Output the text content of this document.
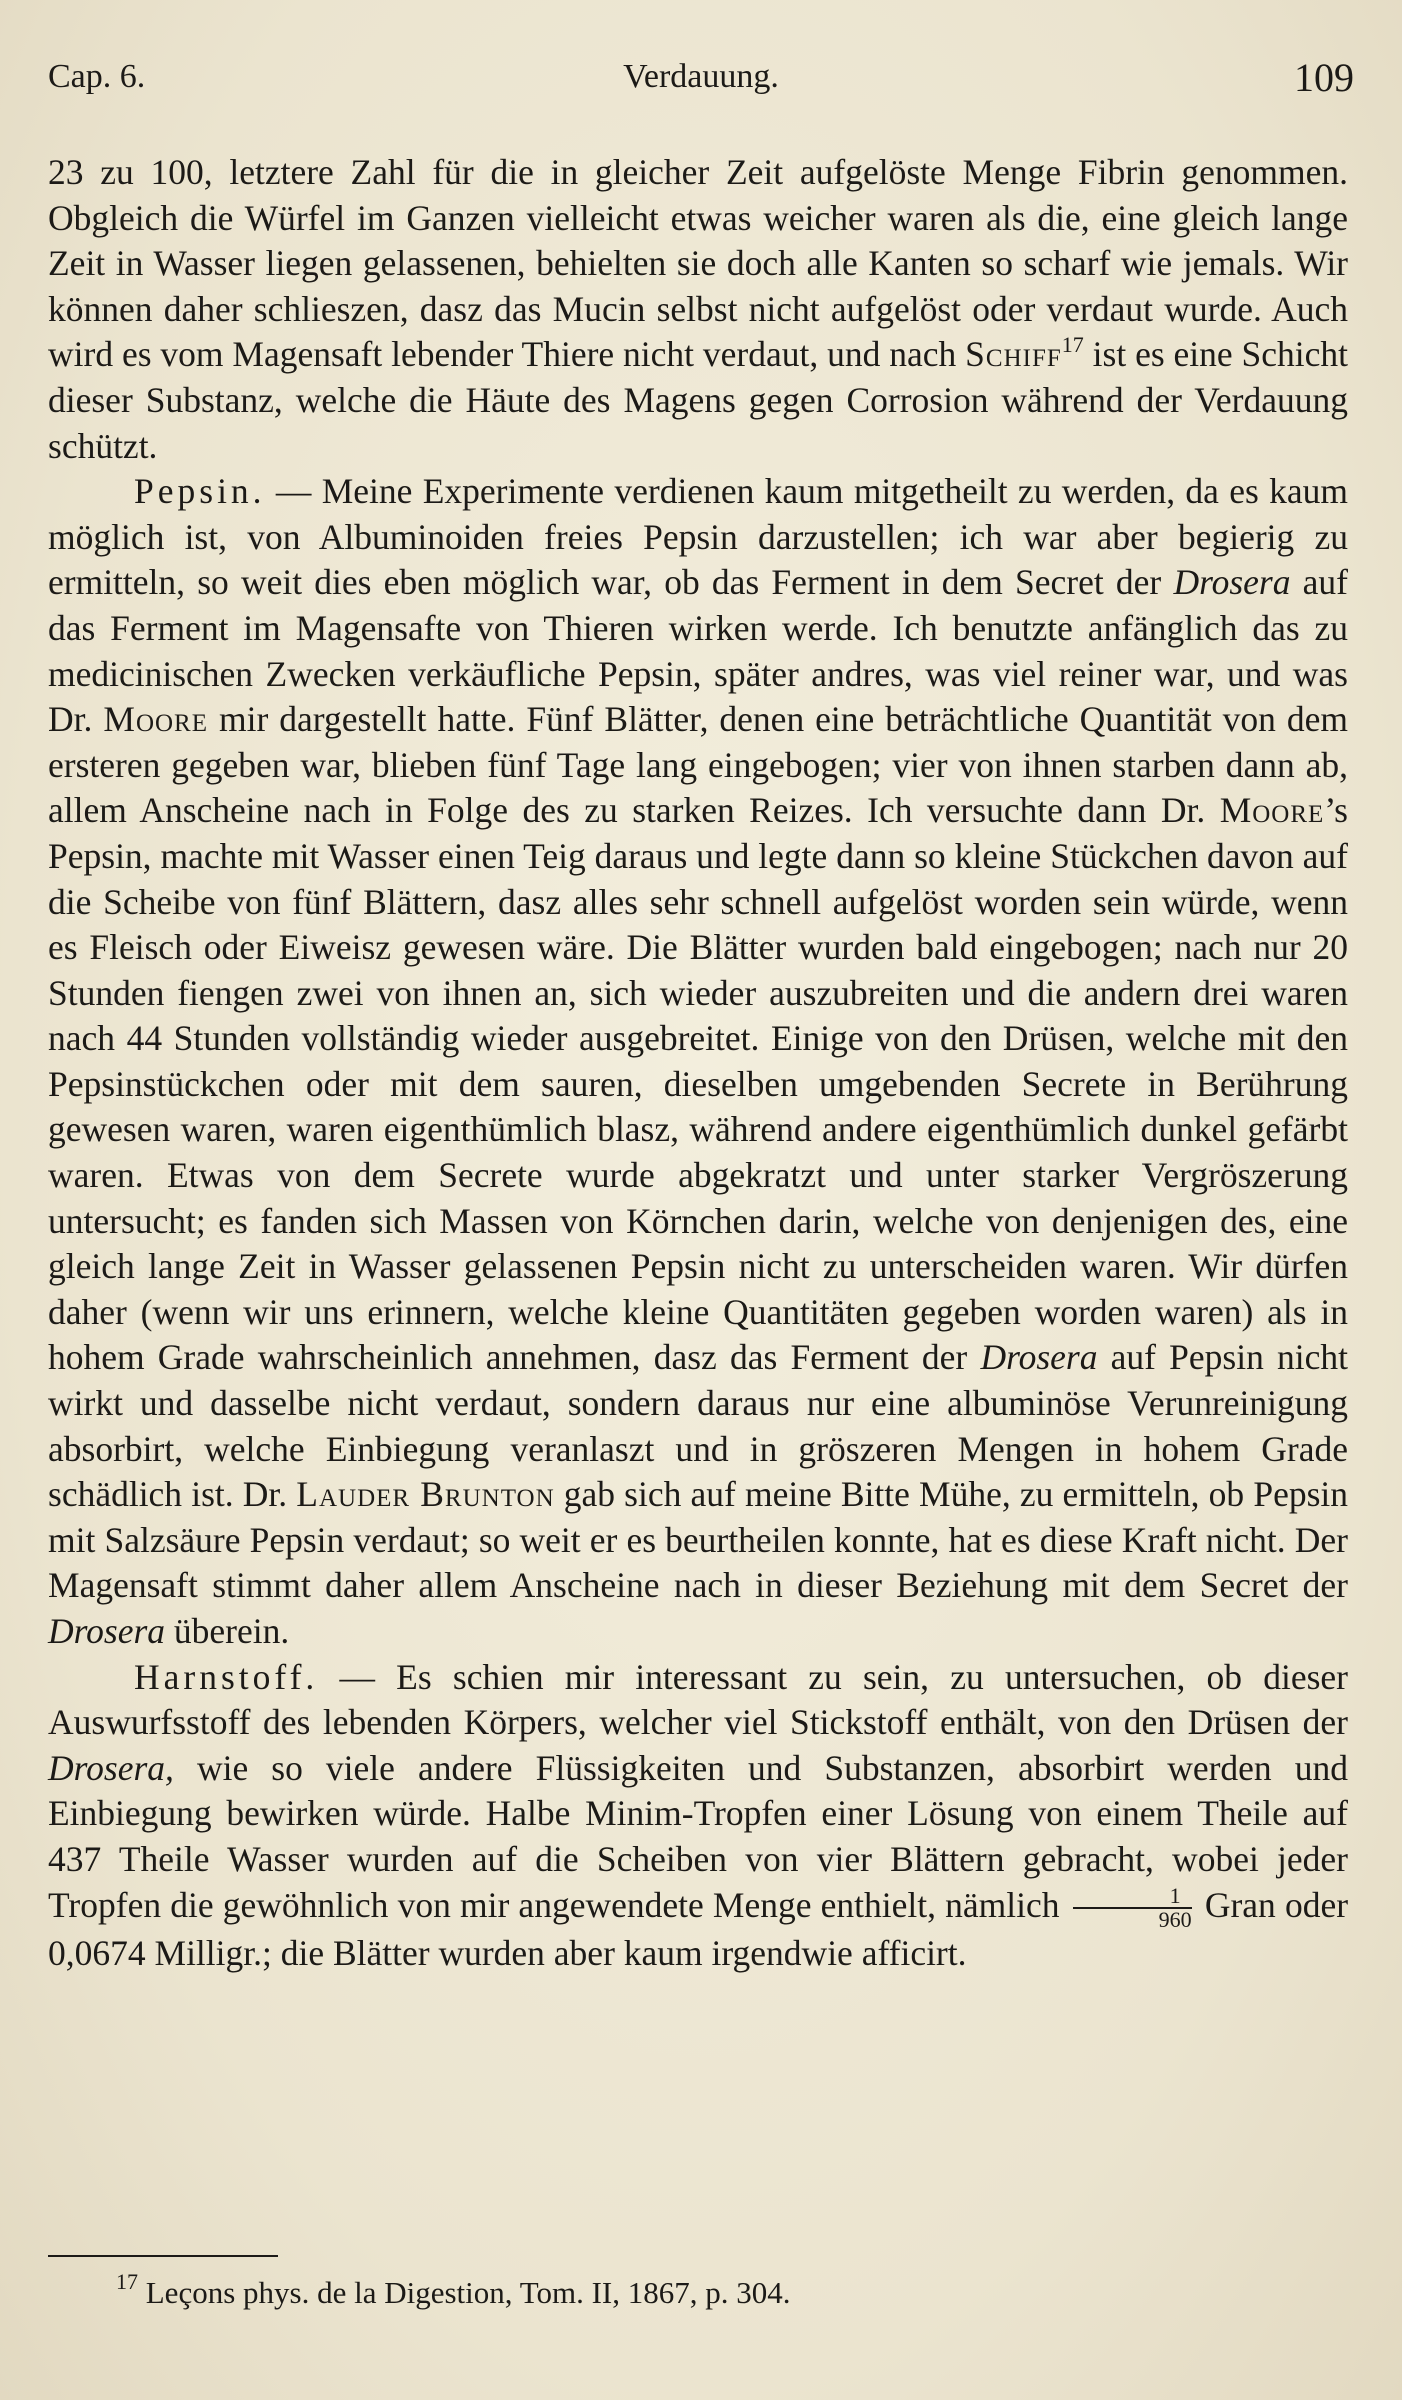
Cap. 6.	Verdauung.	109

23 zu 100, letztere Zahl für die in gleicher Zeit aufgelöste Menge Fibrin genommen. Obgleich die Würfel im Ganzen vielleicht etwas weicher waren als die, eine gleich lange Zeit in Wasser liegen gelassenen, behielten sie doch alle Kanten so scharf wie jemals. Wir können daher schlieszen, dasz das Mucin selbst nicht aufgelöst oder verdaut wurde. Auch wird es vom Magensaft lebender Thiere nicht verdaut, und nach Schiff$^{17}$ ist es eine Schicht dieser Substanz, welche die Häute des Magens gegen Corrosion während der Verdauung schützt.

Pepsin. — Meine Experimente verdienen kaum mitgetheilt zu werden, da es kaum möglich ist, von Albuminoiden freies Pepsin darzustellen; ich war aber begierig zu ermitteln, so weit dies eben möglich war, ob das Ferment in dem Secret der Drosera auf das Ferment im Magensafte von Thieren wirken werde. Ich benutzte anfänglich das zu medicinischen Zwecken verkäufliche Pepsin, später andres, was viel reiner war, und was Dr. Moore mir dargestellt hatte. Fünf Blätter, denen eine beträchtliche Quantität von dem ersteren gegeben war, blieben fünf Tage lang eingebogen; vier von ihnen starben dann ab, allem Anscheine nach in Folge des zu starken Reizes. Ich versuchte dann Dr. Moore’s Pepsin, machte mit Wasser einen Teig daraus und legte dann so kleine Stückchen davon auf die Scheibe von fünf Blättern, dasz alles sehr schnell aufgelöst worden sein würde, wenn es Fleisch oder Eiweisz gewesen wäre. Die Blätter wurden bald eingebogen; nach nur 20 Stunden fiengen zwei von ihnen an, sich wieder auszubreiten und die andern drei waren nach 44 Stunden vollständig wieder ausgebreitet. Einige von den Drüsen, welche mit den Pepsinstückchen oder mit dem sauren, dieselben umgebenden Secrete in Berührung gewesen waren, waren eigenthümlich blasz, während andere eigenthümlich dunkel gefärbt waren. Etwas von dem Secrete wurde abgekratzt und unter starker Vergröszerung untersucht; es fanden sich Massen von Körnchen darin, welche von denjenigen des, eine gleich lange Zeit in Wasser gelassenen Pepsin nicht zu unterscheiden waren. Wir dürfen daher (wenn wir uns erinnern, welche kleine Quantitäten gegeben worden waren) als in hohem Grade wahrscheinlich annehmen, dasz das Ferment der Drosera auf Pepsin nicht wirkt und dasselbe nicht verdaut, sondern daraus nur eine albuminöse Verunreinigung absorbirt, welche Einbiegung veranlaszt und in gröszeren Mengen in hohem Grade schädlich ist. Dr. Lauder Brunton gab sich auf meine Bitte Mühe, zu ermitteln, ob Pepsin mit Salzsäure Pepsin verdaut; so weit er es beurtheilen konnte, hat es diese Kraft nicht. Der Magensaft stimmt daher allem Anscheine nach in dieser Beziehung mit dem Secret der Drosera überein.

Harnstoff. — Es schien mir interessant zu sein, zu untersuchen, ob dieser Auswurfsstoff des lebenden Körpers, welcher viel Stickstoff enthält, von den Drüsen der Drosera, wie so viele andere Flüssigkeiten und Substanzen, absorbirt werden und Einbiegung bewirken würde. Halbe Minim-Tropfen einer Lösung von einem Theile auf 437 Theile Wasser wurden auf die Scheiben von vier Blättern gebracht, wobei jeder Tropfen die gewöhnlich von mir angewendete Menge enthielt, nämlich $\frac{1}{960}$ Gran oder 0,0674 Milligr.; die Blätter wurden aber kaum irgendwie afficirt.

$^{17}$ Leçons phys. de la Digestion, Tom. II, 1867, p. 304.
